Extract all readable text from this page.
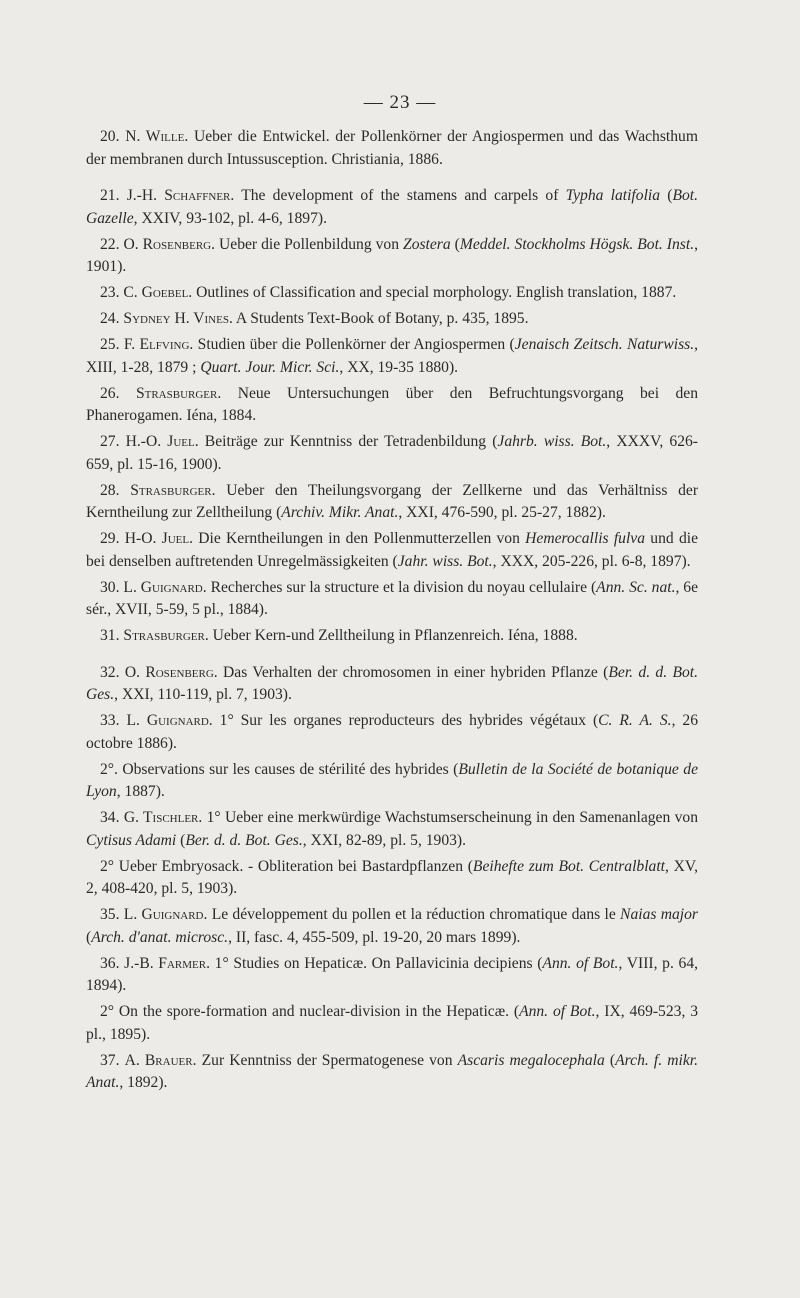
— 23 —

20. N. Wille. Ueber die Entwickel. der Pollenkörner der Angiospermen und das Wachsthum der membranen durch Intussusception. Christiania, 1886.

21. J.-H. Schaffner. The development of the stamens and carpels of Typha latifolia (Bot. Gazelle, XXIV, 93-102, pl. 4-6, 1897).

22. O. Rosenberg. Ueber die Pollenbildung von Zostera (Meddel. Stockholms Högsk. Bot. Inst., 1901).

23. C. Goebel. Outlines of Classification and special morphology. English translation, 1887.

24. Sydney H. Vines. A Students Text-Book of Botany, p. 435, 1895.

25. F. Elfving. Studien über die Pollenkörner der Angiospermen (Jenaisch Zeitsch. Naturwiss., XIII, 1-28, 1879 ; Quart. Jour. Micr. Sci., XX, 19-35 1880).

26. Strasburger. Neue Untersuchungen über den Befruchtungsvorgang bei den Phanerogamen. Iéna, 1884.

27. H.-O. Juel. Beiträge zur Kenntniss der Tetradenbildung (Jahrb. wiss. Bot., XXXV, 626-659, pl. 15-16, 1900).

28. Strasburger. Ueber den Theilungsvorgang der Zellkerne und das Verhältniss der Kerntheilung zur Zelltheilung (Archiv. Mikr. Anat., XXI, 476-590, pl. 25-27, 1882).

29. H-O. Juel. Die Kerntheilungen in den Pollenmutterzellen von Hemerocallis fulva und die bei denselben auftretenden Unregelmässigkeiten (Jahr. wiss. Bot., XXX, 205-226, pl. 6-8, 1897).

30. L. Guignard. Recherches sur la structure et la division du noyau cellulaire (Ann. Sc. nat., 6e sér., XVII, 5-59, 5 pl., 1884).

31. Strasburger. Ueber Kern-und Zelltheilung in Pflanzenreich. Iéna, 1888.

32. O. Rosenberg. Das Verhalten der chromosomen in einer hybriden Pflanze (Ber. d. d. Bot. Ges., XXI, 110-119, pl. 7, 1903).

33. L. Guignard. 1° Sur les organes reproducteurs des hybrides végétaux (C. R. A. S., 26 octobre 1886).

2°. Observations sur les causes de stérilité des hybrides (Bulletin de la Société de botanique de Lyon, 1887).

34. G. Tischler. 1° Ueber eine merkwürdige Wachstumserscheinung in den Samenanlagen von Cytisus Adami (Ber. d. d. Bot. Ges., XXI, 82-89, pl. 5, 1903).

2° Ueber Embryosack. - Obliteration bei Bastardpflanzen (Beihefte zum Bot. Centralblatt, XV, 2, 408-420, pl. 5, 1903).

35. L. Guignard. Le développement du pollen et la réduction chromatique dans le Naias major (Arch. d'anat. microsc., II, fasc. 4, 455-509, pl. 19-20, 20 mars 1899).

36. J.-B. Farmer. 1° Studies on Hepaticæ. On Pallavicinia decipiens (Ann. of Bot., VIII, p. 64, 1894).

2° On the spore-formation and nuclear-division in the Hepaticæ. (Ann. of Bot., IX, 469-523, 3 pl., 1895).

37. A. Brauer. Zur Kenntniss der Spermatogenese von Ascaris megalocephala (Arch. f. mikr. Anat., 1892).
